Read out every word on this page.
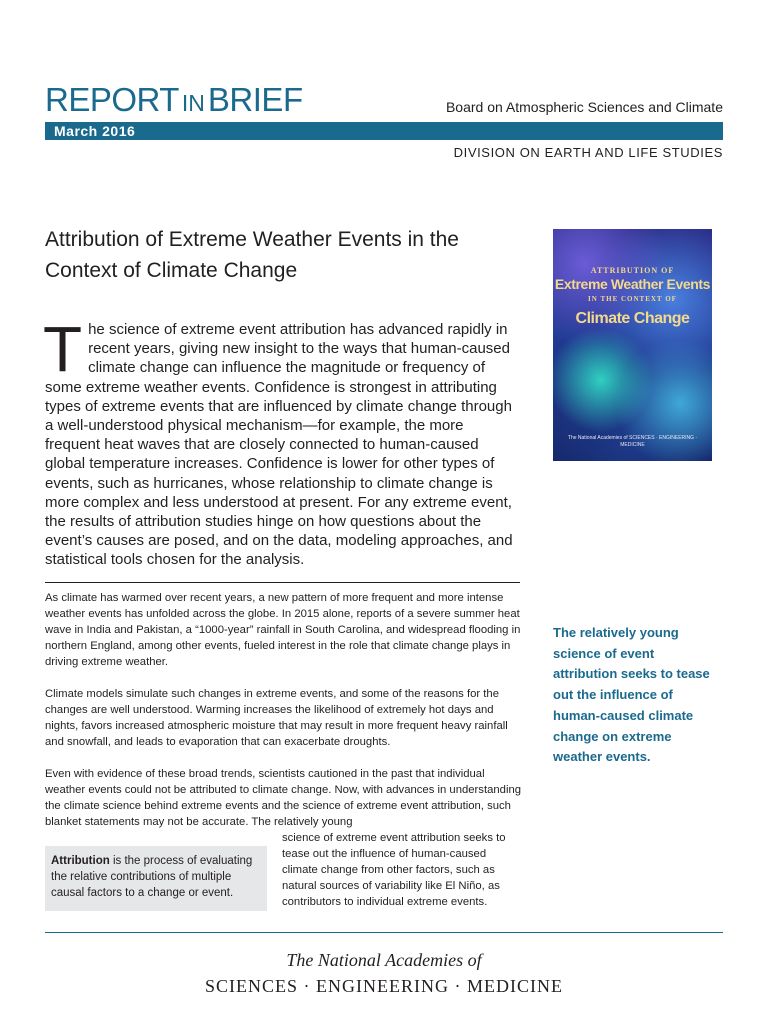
REPORT INBRIEF	Board on Atmospheric Sciences and Climate
March 2016
DIVISION ON EARTH AND LIFE STUDIES
Attribution of Extreme Weather Events in the Context of Climate Change	ATTRIBUTION OF
Extreme Weather Events
IN THE CONTEXT OF
Climate Change
The National Academies of SCIENCES · ENGINEERING · MEDICINE

The science of extreme event attribution has advanced rapidly in recent years, giving new insight to the ways that human-caused climate change can influence the magnitude or frequency of some extreme weather events. Confidence is strongest in attributing types of extreme events that are influenced by climate change through a well-understood physical mechanism—for example, the more frequent heat waves that are closely connected to human-caused global temperature increases. Confidence is lower for other types of events, such as hurricanes, whose relationship to climate change is more complex and less understood at present. For any extreme event, the results of attribution studies hinge on how questions about the event’s causes are posed, and on the data, modeling approaches, and statistical tools chosen for the analysis.

As climate has warmed over recent years, a new pattern of more frequent and more intense weather events has unfolded across the globe. In 2015 alone, reports of a severe summer heat wave in India and Pakistan, a “1000-year” rainfall in South Carolina, and widespread flooding in northern England, among other events, fueled interest in the role that climate change plays in driving extreme weather.

Climate models simulate such changes in extreme events, and some of the reasons for the changes are well understood. Warming increases the likelihood of extremely hot days and nights, favors increased atmospheric moisture that may result in more frequent heavy rainfall and snowfall, and leads to evaporation that can exacerbate droughts.

Even with evidence of these broad trends, scientists cautioned in the past that individual weather events could not be attributed to climate change. Now, with advances in understanding the climate science behind extreme events and the science of extreme event attribution, such blanket statements may not be accurate. The relatively young

science of extreme event attribution seeks to tease out the influence of human-caused climate change from other factors, such as natural sources of variability like El Niño, as contributors to individual extreme events.

Attribution is the process of evaluating the relative contributions of multiple causal factors to a change or event.
The relatively young science of event attribution seeks to tease out the influence of human-caused climate change on extreme weather events.
The National Academies of
SCIENCES · ENGINEERING · MEDICINE
